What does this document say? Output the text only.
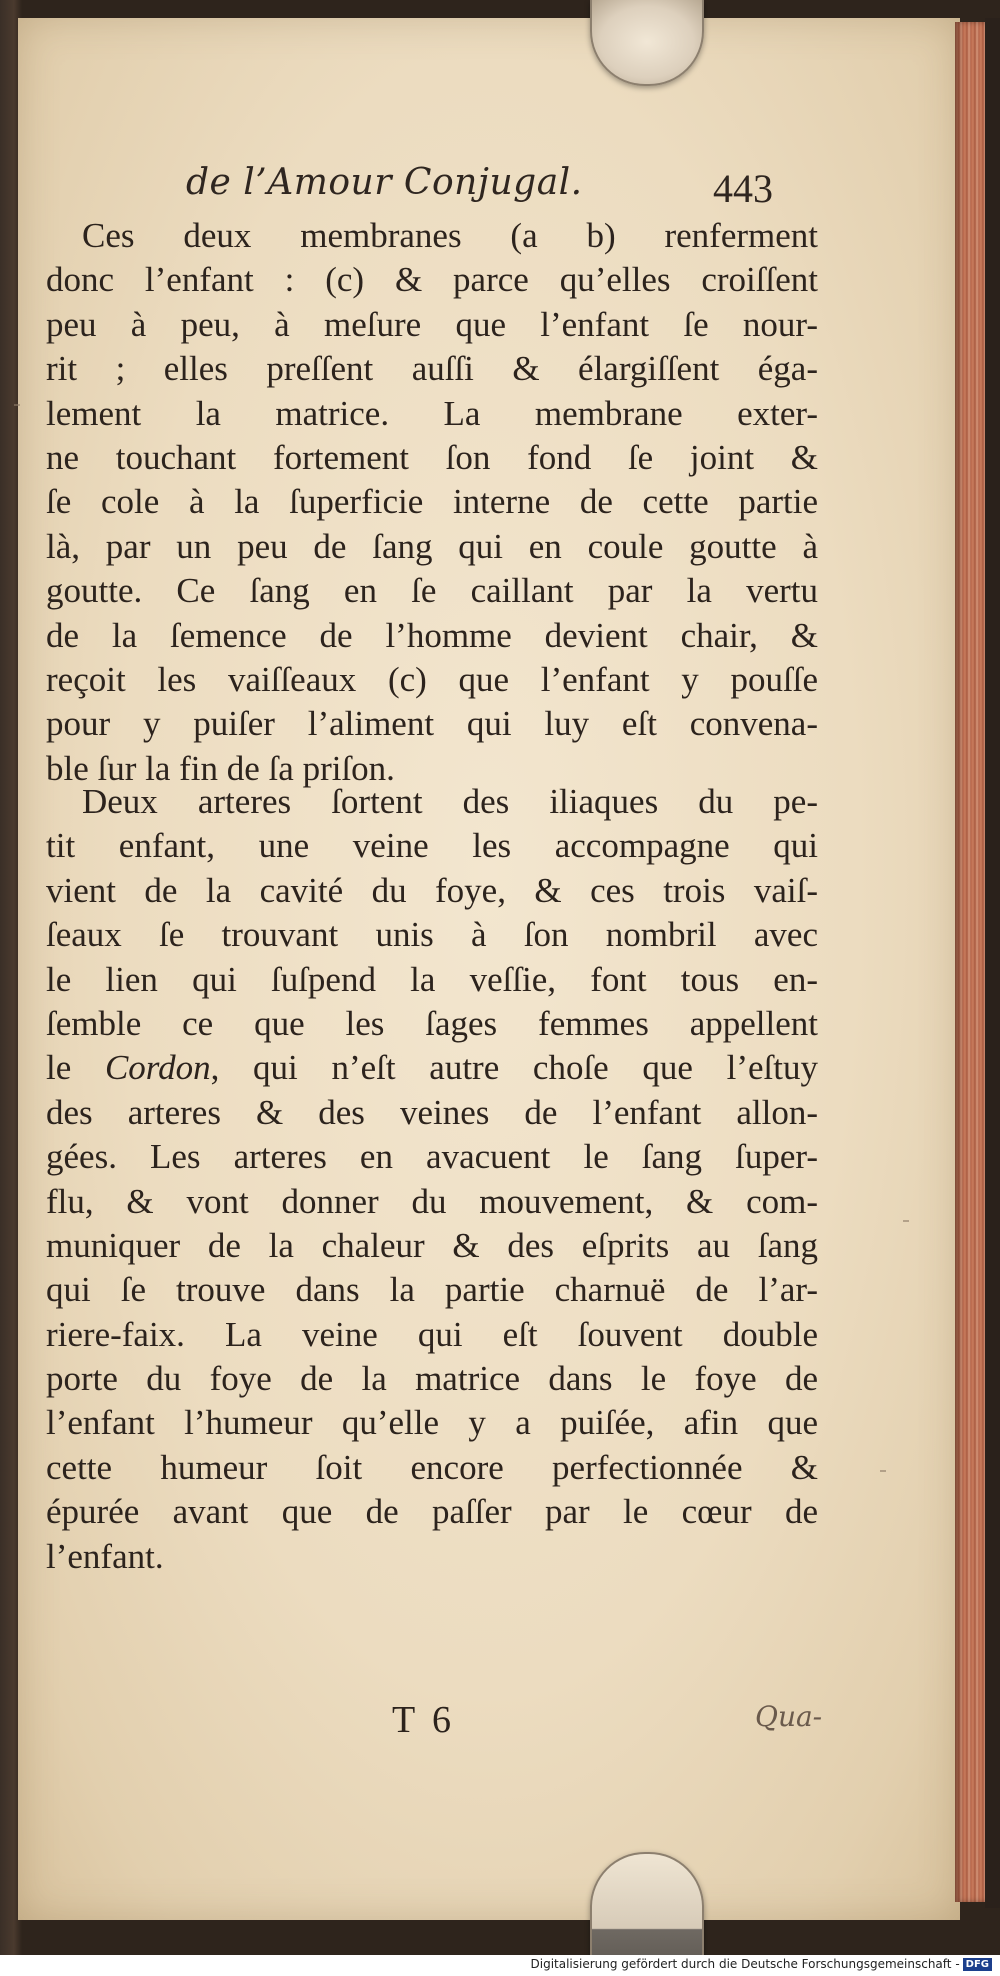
de l’Amour Conjugal.	443
Ces deux membranes (a b) renferment
donc l’enfant : (c) & parce qu’elles croiſſent
peu à peu, à meſure que l’enfant ſe nour-
rit ; elles preſſent auſſi & élargiſſent éga-
lement la matrice. La membrane exter-
ne touchant fortement ſon fond ſe joint &
ſe cole à la ſuperficie interne de cette partie
là, par un peu de ſang qui en coule goutte à
goutte. Ce ſang en ſe caillant par la vertu
de la ſemence de l’homme devient chair, &
reçoit les vaiſſeaux (c) que l’enfant y pouſſe
pour y puiſer l’aliment qui luy eſt convena-
ble ſur la fin de ſa priſon.
Deux arteres ſortent des iliaques du pe-
tit enfant, une veine les accompagne qui
vient de la cavité du foye, & ces trois vaiſ-
ſeaux ſe trouvant unis à ſon nombril avec
le lien qui ſuſpend la veſſie, font tous en-
ſemble ce que les ſages femmes appellent
le Cordon, qui n’eſt autre choſe que l’eſtuy
des arteres & des veines de l’enfant allon-
gées. Les arteres en avacuent le ſang ſuper-
flu, & vont donner du mouvement, & com-
muniquer de la chaleur & des eſprits au ſang
qui ſe trouve dans la partie charnuë de l’ar-
riere-faix. La veine qui eſt ſouvent double
porte du foye de la matrice dans le foye de
l’enfant l’humeur qu’elle y a puiſée, afin que
cette humeur ſoit encore perfectionnée &
épurée avant que de paſſer par le cœur de
l’enfant.
T 6	Qua-
Digitalisierung gefördert durch die Deutsche Forschungsgemeinschaft - DFG
